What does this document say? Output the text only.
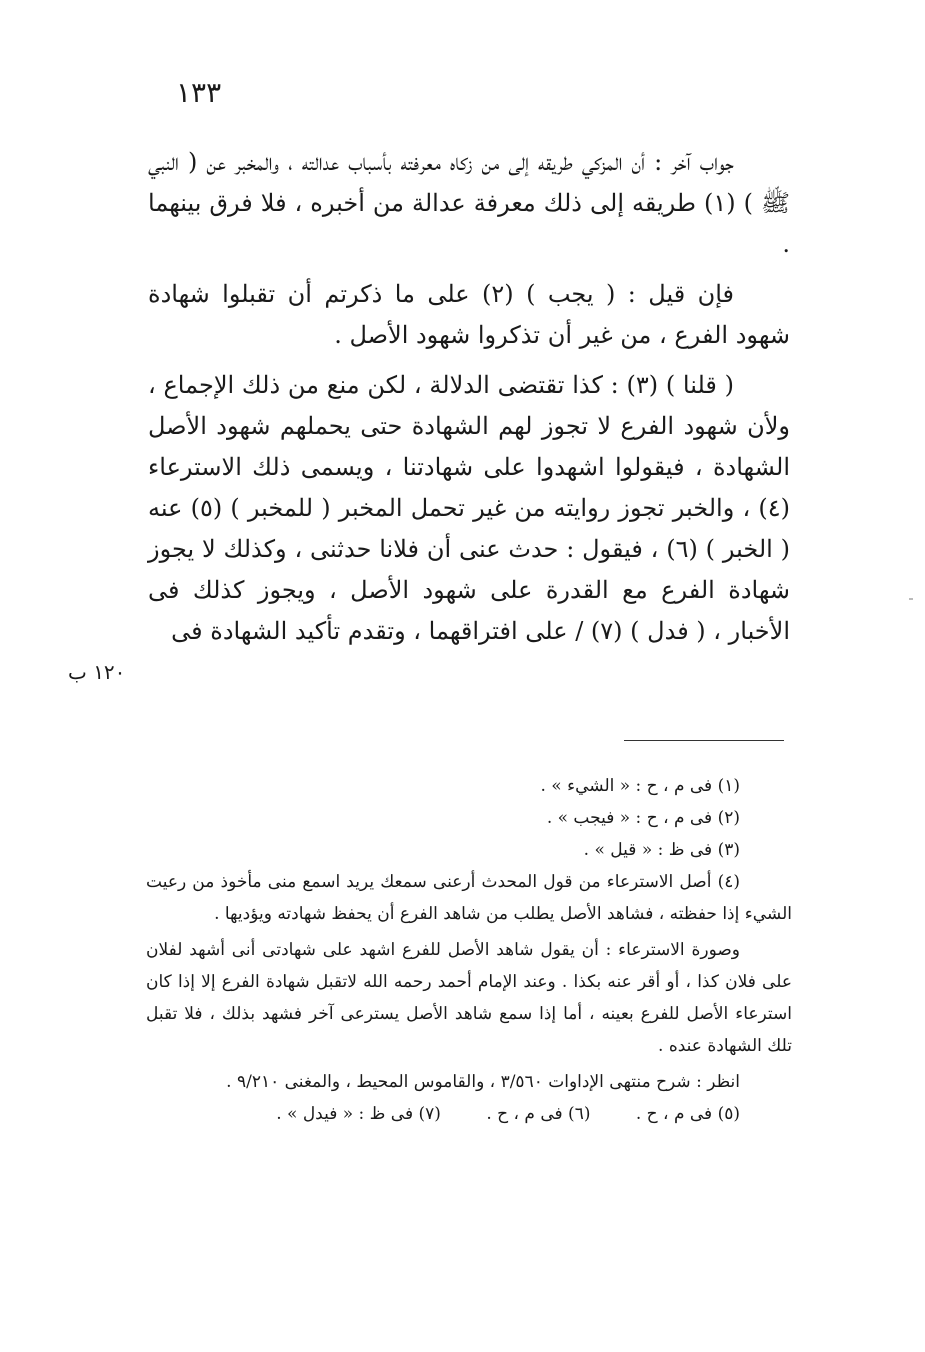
١٣٣

جواب آخر : أن المزكي طريقه إلى من زكاه معرفته بأسباب عدالته ، والمخبر عن ( النبي ﷺ ) (١) طريقه إلى ذلك معرفة عدالة من أخبره ، فلا فرق بينهما .

فإن قيل : ( يجب ) (٢) على ما ذكرتم أن تقبلوا شهادة شهود الفرع ، من غير أن تذكروا شهود الأصل .

( قلنا ) (٣) : كذا تقتضى الدلالة ، لكن منع من ذلك الإجماع ، ولأن شهود الفرع لا تجوز لهم الشهادة حتى يحملهم شهود الأصل الشهادة ، فيقولوا اشهدوا على شهادتنا ، ويسمى ذلك الاسترعاء (٤) ، والخبر تجوز روايته من غير تحمل المخبر ( للمخبر ) (٥) عنه ( الخبر ) (٦) ، فيقول : حدث عنى أن فلانا حدثنى ، وكذلك لا يجوز شهادة الفرع مع القدرة على شهود الأصل ، ويجوز كذلك فى الأخبار ، ( فدل ) (٧) / على افتراقهما ، وتقدم تأكيد الشهادة فى

١٢٠ ب

(١) فى م ، ح : « الشيء » .

(٢) فى م ، ح : « فيجب » .

(٣) فى ظ : « قيل » .

(٤) أصل الاسترعاء من قول المحدث أرعنى سمعك يريد اسمع منى مأخوذ من رعيت الشيء إذا حفظته ، فشاهد الأصل يطلب من شاهد الفرع أن يحفظ شهادته ويؤديها .

وصورة الاسترعاء : أن يقول شاهد الأصل للفرع اشهد على شهادتى أنى أشهد لفلان على فلان كذا ، أو أقر عنه بكذا . وعند الإمام أحمد رحمه الله لاتقبل شهادة الفرع إلا إذا كان استرعاء الأصل للفرع بعينه ، أما إذا سمع شاهد الأصل يسترعى آخر فشهد بذلك ، فلا تقبل تلك الشهادة عنده .

انظر : شرح منتهى الإداوات ٣/٥٦٠ ، والقاموس المحيط ، والمغنى ٩/٢١٠ .

(٥) فى م ، ح . (٦) فى م ، ح . (٧) فى ظ : « فيدل » .
